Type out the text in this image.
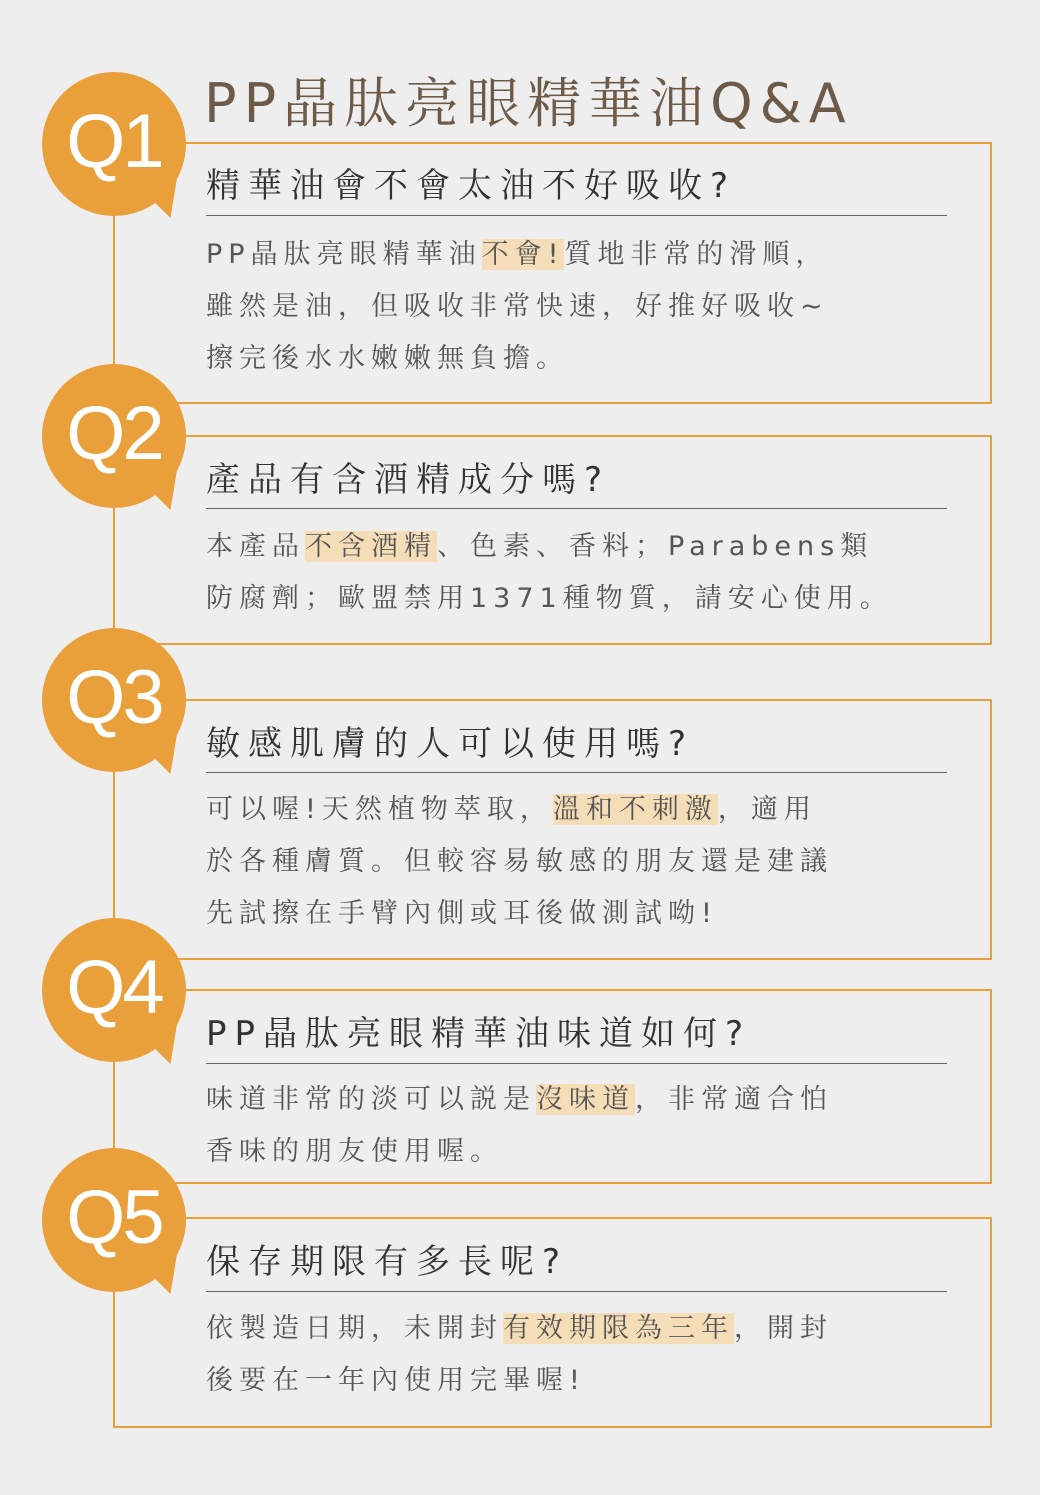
PP晶肽亮眼精華油Q&A
精華油會不會太油不好吸收?
PP晶肽亮眼精華油不會!質地非常的滑順，
雖然是油，但吸收非常快速，好推好吸收~
擦完後水水嫩嫩無負擔。
Q1
產品有含酒精成分嗎?
本產品不含酒精、色素、香料；Parabens類
防腐劑；歐盟禁用1371種物質，請安心使用。
Q2
敏感肌膚的人可以使用嗎?
可以喔!天然植物萃取，溫和不刺激，適用
於各種膚質。但較容易敏感的朋友還是建議
先試擦在手臂內側或耳後做測試呦!
Q3
PP晶肽亮眼精華油味道如何?
味道非常的淡可以説是沒味道，非常適合怕
香味的朋友使用喔。
Q4
保存期限有多長呢?
依製造日期，未開封有效期限為三年，開封
後要在一年內使用完畢喔!
Q5
